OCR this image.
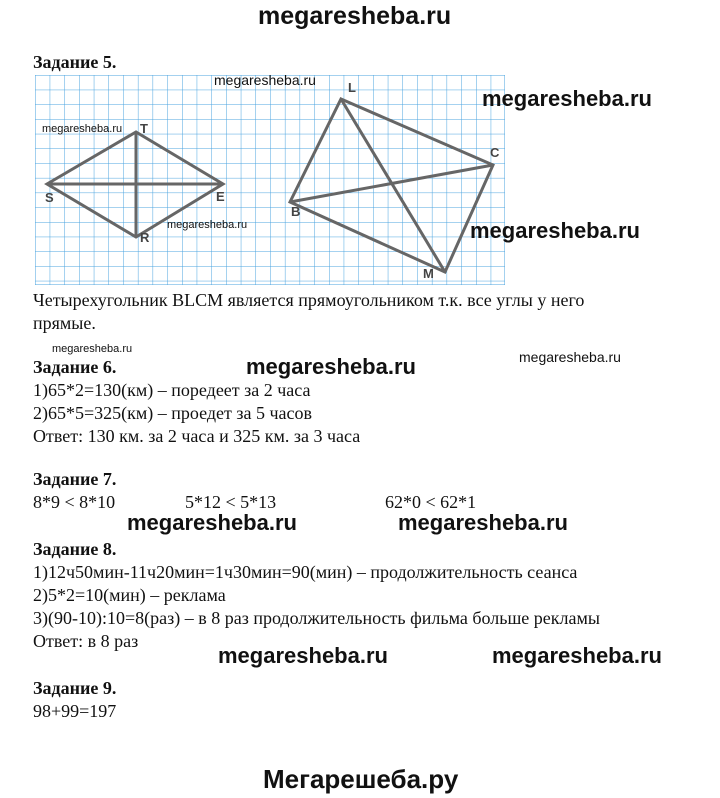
megaresheba.ru
Задание 5.
S
T
E
R
L
C
B
M
Четырехугольник BLCM является прямоугольником т.к. все углы у него
прямые.
Задание 6.
1)65*2=130(км) – поредеет за 2 часа
2)65*5=325(км) – проедет за 5 часов
Ответ: 130 км. за 2 часа и 325 км. за 3 часа
Задание 7.
8*9 < 8*10	5*12 < 5*13	62*0 < 62*1
Задание 8.
1)12ч50мин-11ч20мин=1ч30мин=90(мин) – продолжительность сеанса
2)5*2=10(мин) – реклама
3)(90-10):10=8(раз) – в 8 раз продолжительность фильма больше рекламы
Ответ: в 8 раз
Задание 9.
98+99=197
megaresheba.ru
megaresheba.ru
megaresheba.ru
megaresheba.ru	megaresheba.ru
megaresheba.ru
megaresheba.ru	megaresheba.ru
megaresheba.ru	megaresheba.ru
megaresheba.ru	megaresheba.ru
Мегарешеба.ру
